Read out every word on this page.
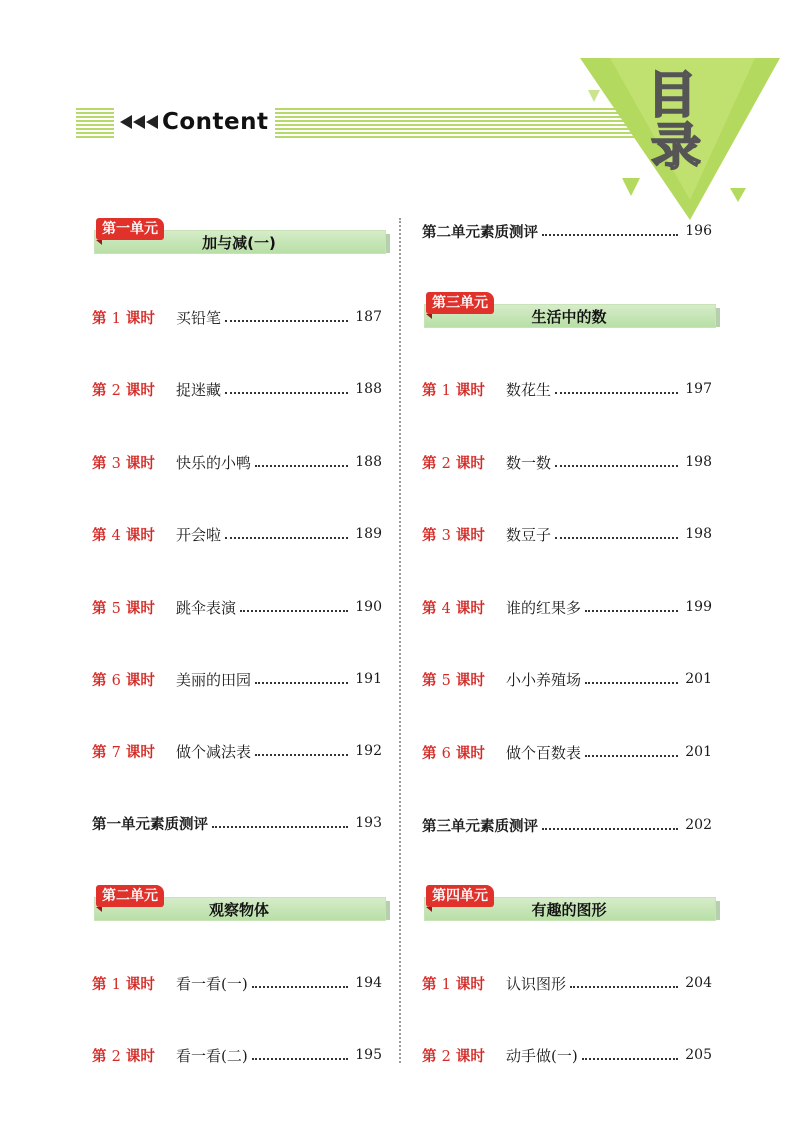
Content	目
录
第一单元
加与减(一)
第 1 课时	买铅笔	187
第 2 课时	捉迷藏	188
第 3 课时	快乐的小鸭	188
第 4 课时	开会啦	189
第 5 课时	跳伞表演	190
第 6 课时	美丽的田园	191
第 7 课时	做个减法表	192
第一单元素质测评	193
第二单元
观察物体
第 1 课时	看一看(一)	194
第 2 课时	看一看(二)	195
第二单元素质测评	196
第三单元
生活中的数
第 1 课时	数花生	197
第 2 课时	数一数	198
第 3 课时	数豆子	198
第 4 课时	谁的红果多	199
第 5 课时	小小养殖场	201
第 6 课时	做个百数表	201
第三单元素质测评	202
第四单元
有趣的图形
第 1 课时	认识图形	204
第 2 课时	动手做(一)	205
